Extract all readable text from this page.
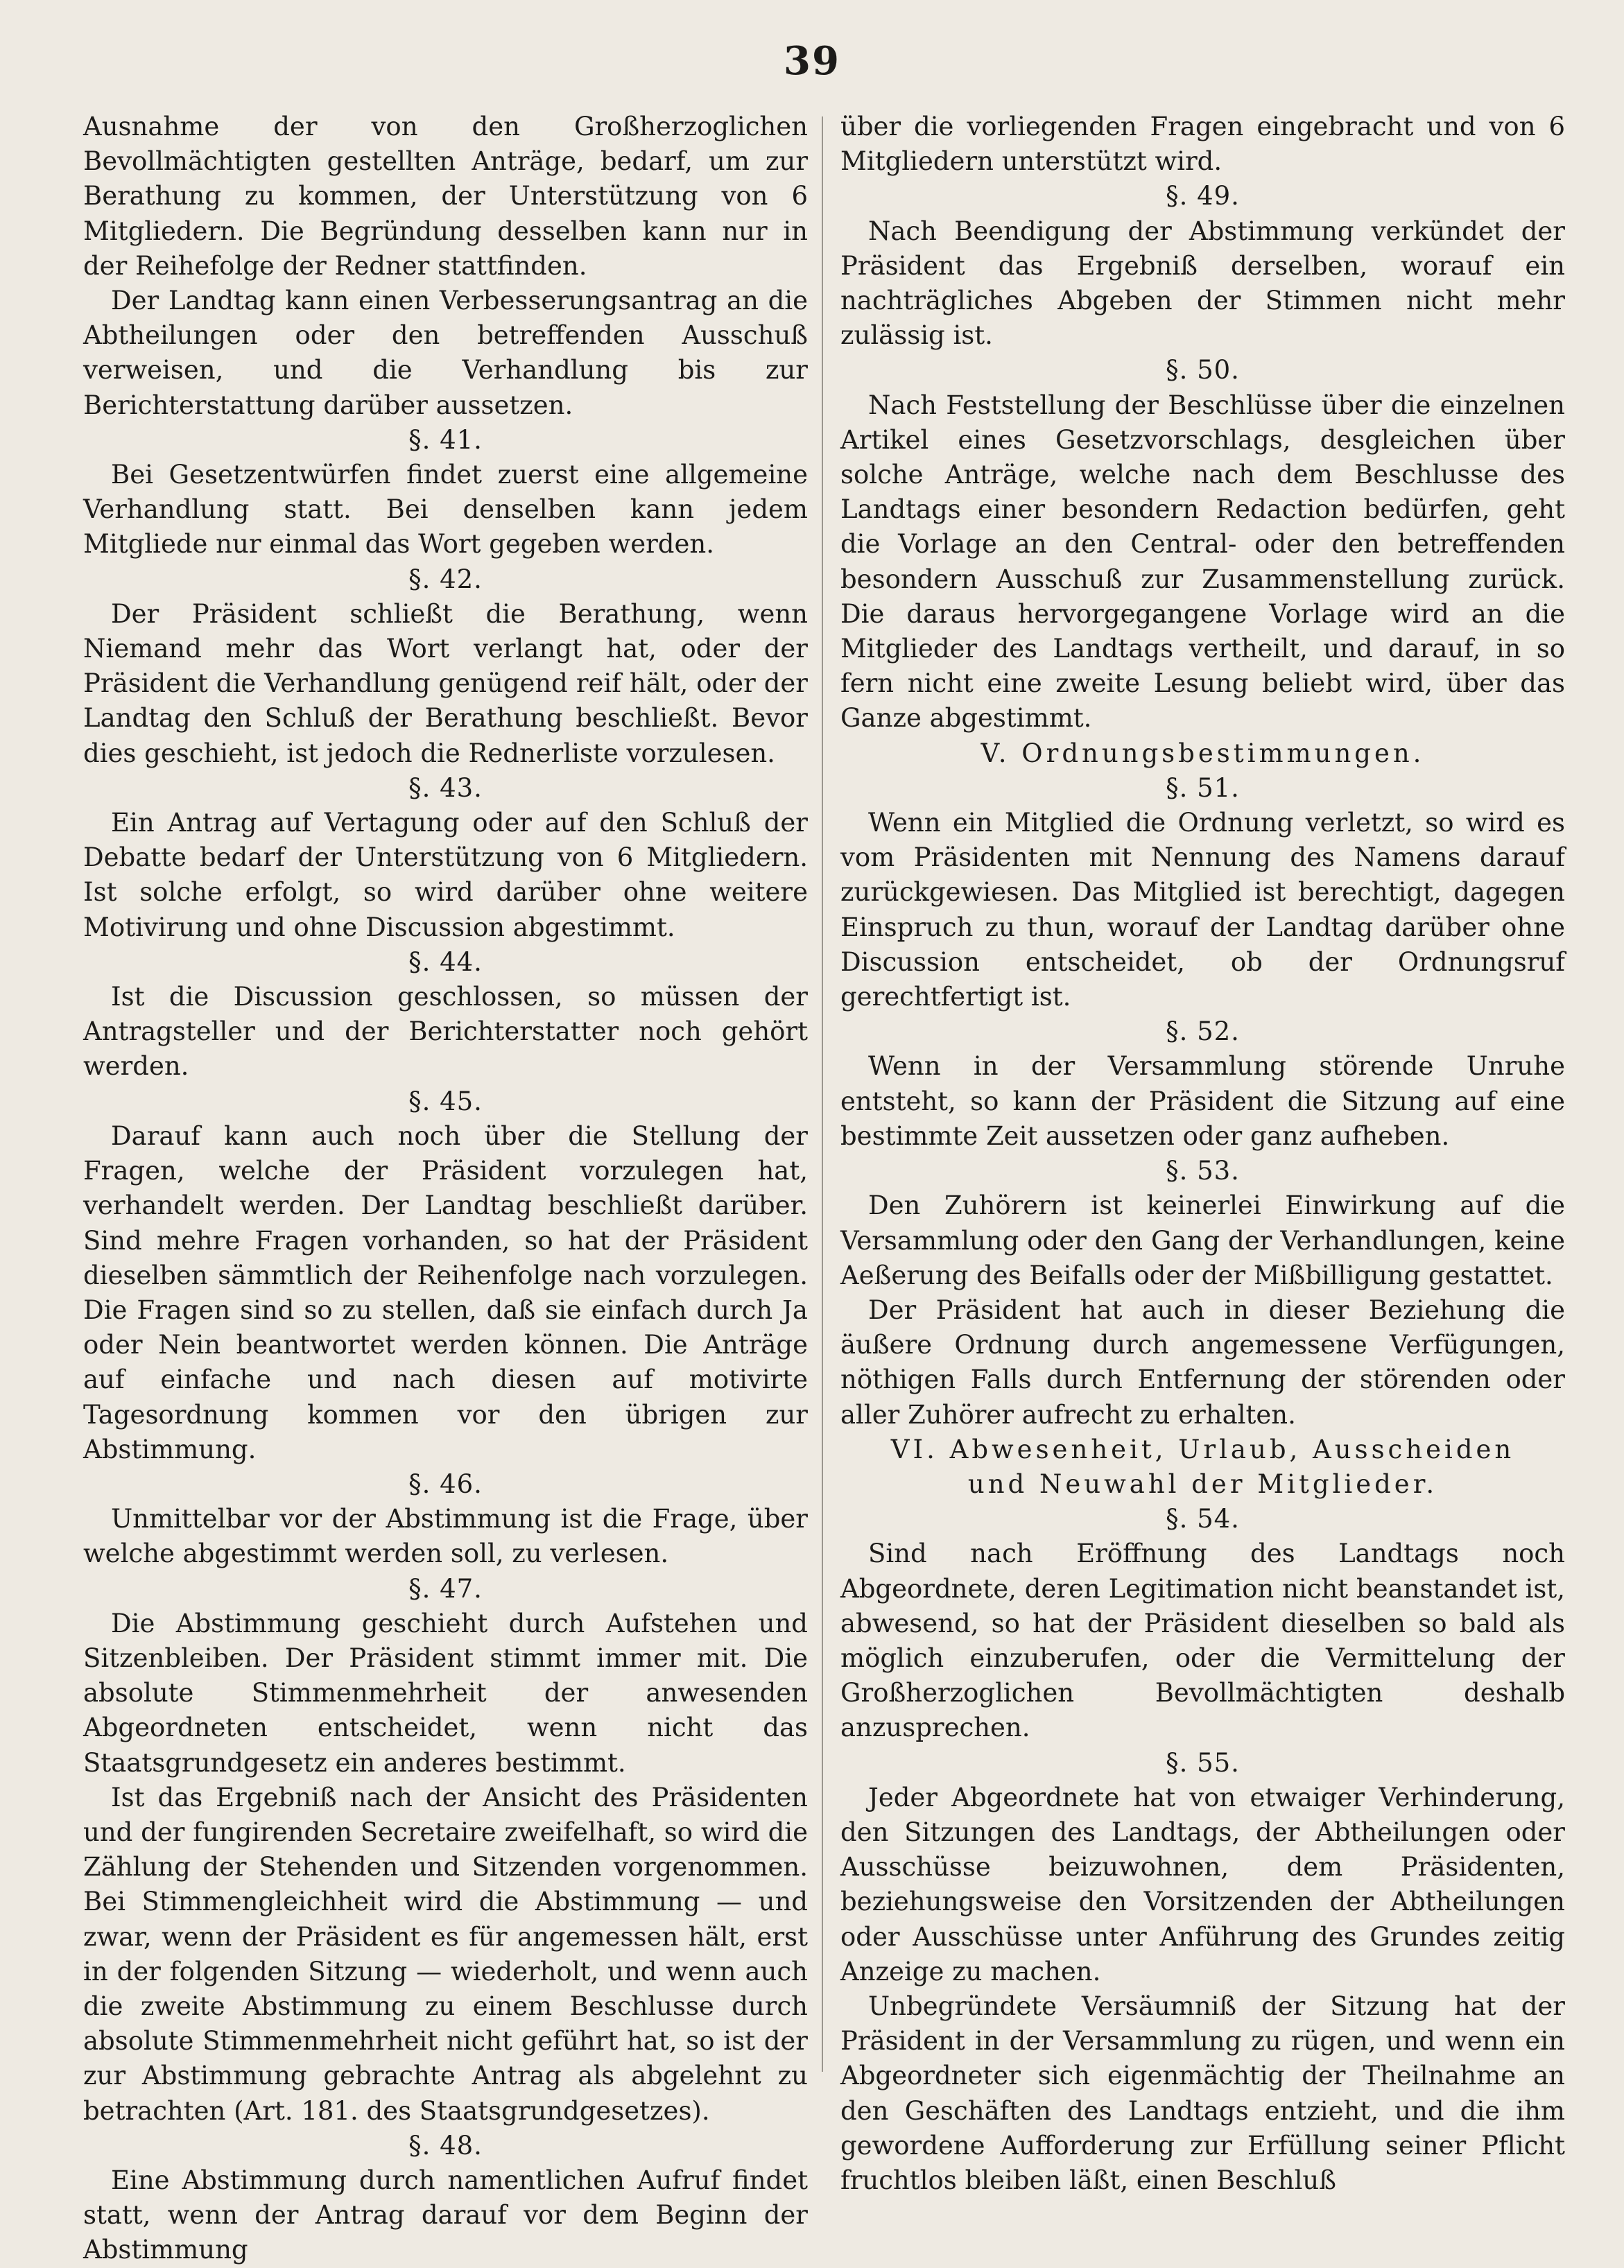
39

Ausnahme der von den Großherzoglichen Bevollmächtigten gestellten Anträge, bedarf, um zur Berathung zu kommen, der Unterstützung von 6 Mitgliedern. Die Begründung desselben kann nur in der Reihefolge der Redner stattfinden.

Der Landtag kann einen Verbesserungsantrag an die Abtheilungen oder den betreffenden Ausschuß verweisen, und die Verhandlung bis zur Berichterstattung darüber aussetzen.

§. 41.

Bei Gesetzentwürfen findet zuerst eine allgemeine Verhandlung statt. Bei denselben kann jedem Mitgliede nur einmal das Wort gegeben werden.

§. 42.

Der Präsident schließt die Berathung, wenn Niemand mehr das Wort verlangt hat, oder der Präsident die Verhandlung genügend reif hält, oder der Landtag den Schluß der Berathung beschließt. Bevor dies geschieht, ist jedoch die Rednerliste vorzulesen.

§. 43.

Ein Antrag auf Vertagung oder auf den Schluß der Debatte bedarf der Unterstützung von 6 Mitgliedern. Ist solche erfolgt, so wird darüber ohne weitere Motivirung und ohne Discussion abgestimmt.

§. 44.

Ist die Discussion geschlossen, so müssen der Antragsteller und der Berichterstatter noch gehört werden.

§. 45.

Darauf kann auch noch über die Stellung der Fragen, welche der Präsident vorzulegen hat, verhandelt werden. Der Landtag beschließt darüber. Sind mehre Fragen vorhanden, so hat der Präsident dieselben sämmtlich der Reihenfolge nach vorzulegen. Die Fragen sind so zu stellen, daß sie einfach durch Ja oder Nein beantwortet werden können. Die Anträge auf einfache und nach diesen auf motivirte Tagesordnung kommen vor den übrigen zur Abstimmung.

§. 46.

Unmittelbar vor der Abstimmung ist die Frage, über welche abgestimmt werden soll, zu verlesen.

§. 47.

Die Abstimmung geschieht durch Aufstehen und Sitzenbleiben. Der Präsident stimmt immer mit. Die absolute Stimmenmehrheit der anwesenden Abgeordneten entscheidet, wenn nicht das Staatsgrundgesetz ein anderes bestimmt.

Ist das Ergebniß nach der Ansicht des Präsidenten und der fungirenden Secretaire zweifelhaft, so wird die Zählung der Stehenden und Sitzenden vorgenommen. Bei Stimmengleichheit wird die Abstimmung — und zwar, wenn der Präsident es für angemessen hält, erst in der folgenden Sitzung — wiederholt, und wenn auch die zweite Abstimmung zu einem Beschlusse durch absolute Stimmenmehrheit nicht geführt hat, so ist der zur Abstimmung gebrachte Antrag als abgelehnt zu betrachten (Art. 181. des Staatsgrundgesetzes).

§. 48.

Eine Abstimmung durch namentlichen Aufruf findet statt, wenn der Antrag darauf vor dem Beginn der Abstimmung

über die vorliegenden Fragen eingebracht und von 6 Mitgliedern unterstützt wird.

§. 49.

Nach Beendigung der Abstimmung verkündet der Präsident das Ergebniß derselben, worauf ein nachträgliches Abgeben der Stimmen nicht mehr zulässig ist.

§. 50.

Nach Feststellung der Beschlüsse über die einzelnen Artikel eines Gesetzvorschlags, desgleichen über solche Anträge, welche nach dem Beschlusse des Landtags einer besondern Redaction bedürfen, geht die Vorlage an den Central- oder den betreffenden besondern Ausschuß zur Zusammenstellung zurück. Die daraus hervorgegangene Vorlage wird an die Mitglieder des Landtags vertheilt, und darauf, in so fern nicht eine zweite Lesung beliebt wird, über das Ganze abgestimmt.

V. Ordnungsbestimmungen.
§. 51.

Wenn ein Mitglied die Ordnung verletzt, so wird es vom Präsidenten mit Nennung des Namens darauf zurückgewiesen. Das Mitglied ist berechtigt, dagegen Einspruch zu thun, worauf der Landtag darüber ohne Discussion entscheidet, ob der Ordnungsruf gerechtfertigt ist.

§. 52.

Wenn in der Versammlung störende Unruhe entsteht, so kann der Präsident die Sitzung auf eine bestimmte Zeit aussetzen oder ganz aufheben.

§. 53.

Den Zuhörern ist keinerlei Einwirkung auf die Versammlung oder den Gang der Verhandlungen, keine Aeßerung des Beifalls oder der Mißbilligung gestattet.

Der Präsident hat auch in dieser Beziehung die äußere Ordnung durch angemessene Verfügungen, nöthigen Falls durch Entfernung der störenden oder aller Zuhörer aufrecht zu erhalten.

VI. Abwesenheit, Urlaub, Ausscheiden
und Neuwahl der Mitglieder.
§. 54.

Sind nach Eröffnung des Landtags noch Abgeordnete, deren Legitimation nicht beanstandet ist, abwesend, so hat der Präsident dieselben so bald als möglich einzuberufen, oder die Vermittelung der Großherzoglichen Bevollmächtigten deshalb anzusprechen.

§. 55.

Jeder Abgeordnete hat von etwaiger Verhinderung, den Sitzungen des Landtags, der Abtheilungen oder Ausschüsse beizuwohnen, dem Präsidenten, beziehungsweise den Vorsitzenden der Abtheilungen oder Ausschüsse unter Anführung des Grundes zeitig Anzeige zu machen.

Unbegründete Versäumniß der Sitzung hat der Präsident in der Versammlung zu rügen, und wenn ein Abgeordneter sich eigenmächtig der Theilnahme an den Geschäften des Landtags entzieht, und die ihm gewordene Aufforderung zur Erfüllung seiner Pflicht fruchtlos bleiben läßt, einen Beschluß
